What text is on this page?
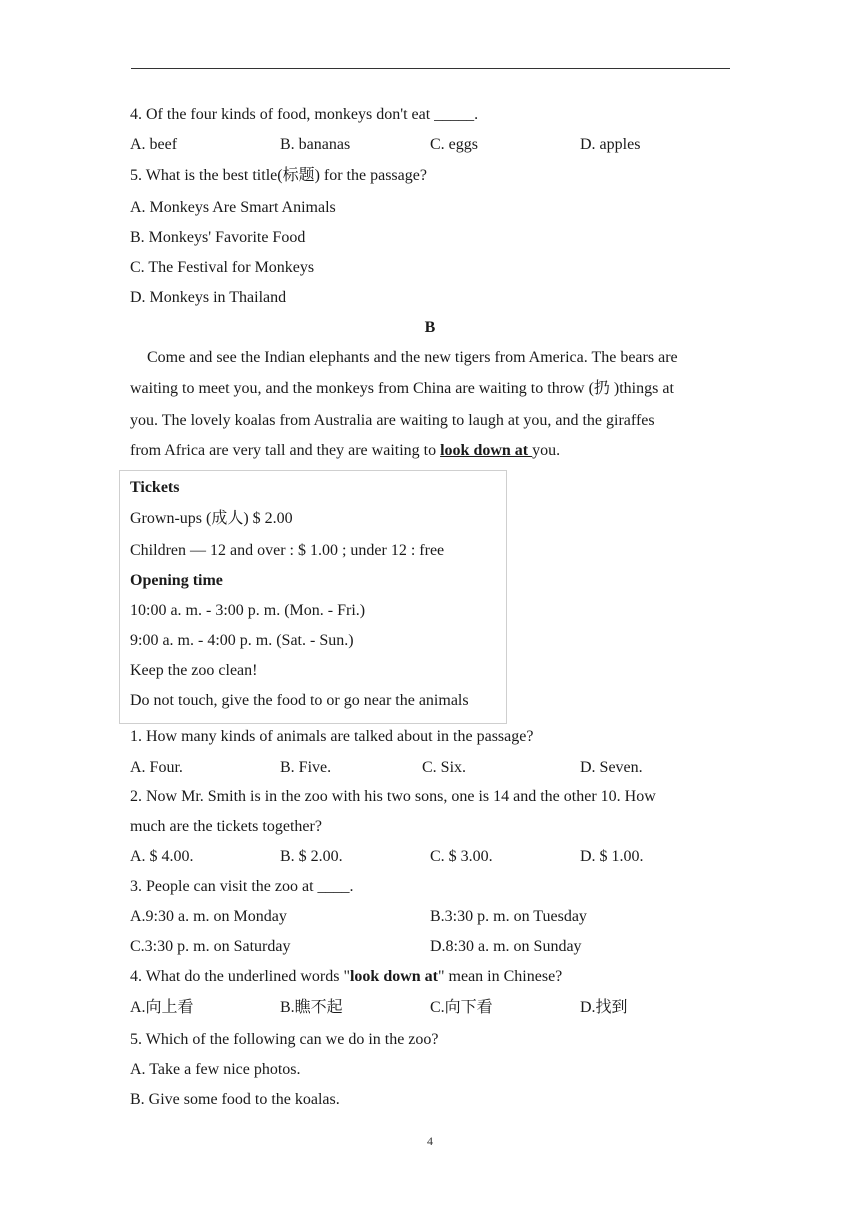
4. Of the four kinds of food, monkeys don't eat _____.
A. beef	B. bananas	C. eggs	D. apples
5. What is the best title(标题) for the passage?
A. Monkeys Are Smart Animals
B. Monkeys' Favorite Food
C. The Festival for Monkeys
D. Monkeys in Thailand
B
Come and see the Indian elephants and the new tigers from America. The bears are
waiting to meet you, and the monkeys from China are waiting to throw (扔 )things at
you. The lovely koalas from Australia are waiting to laugh at you, and the giraffes
from Africa are very tall and they are waiting to look down at you.
Tickets
Grown-ups (成人) $ 2.00
Children — 12 and over : $ 1.00 ; under 12 : free
Opening time
10:00 a. m. - 3:00 p. m. (Mon. - Fri.)
9:00 a. m. - 4:00 p. m. (Sat. - Sun.)
Keep the zoo clean!
Do not touch, give the food to or go near the animals
1. How many kinds of animals are talked about in the passage?
A. Four.	B. Five.	C. Six.	D. Seven.
2. Now Mr. Smith is in the zoo with his two sons, one is 14 and the other 10. How
much are the tickets together?
A. $ 4.00.	B. $ 2.00.	C. $ 3.00.	D. $ 1.00.
3. People can visit the zoo at ____.
A.9:30 a. m. on Monday	B.3:30 p. m. on Tuesday
C.3:30 p. m. on Saturday	D.8:30 a. m. on Sunday
4. What do the underlined words "look down at" mean in Chinese?
A.向上看	B.瞧不起	C.向下看	D.找到
5. Which of the following can we do in the zoo?
A. Take a few nice photos.
B. Give some food to the koalas.
4
